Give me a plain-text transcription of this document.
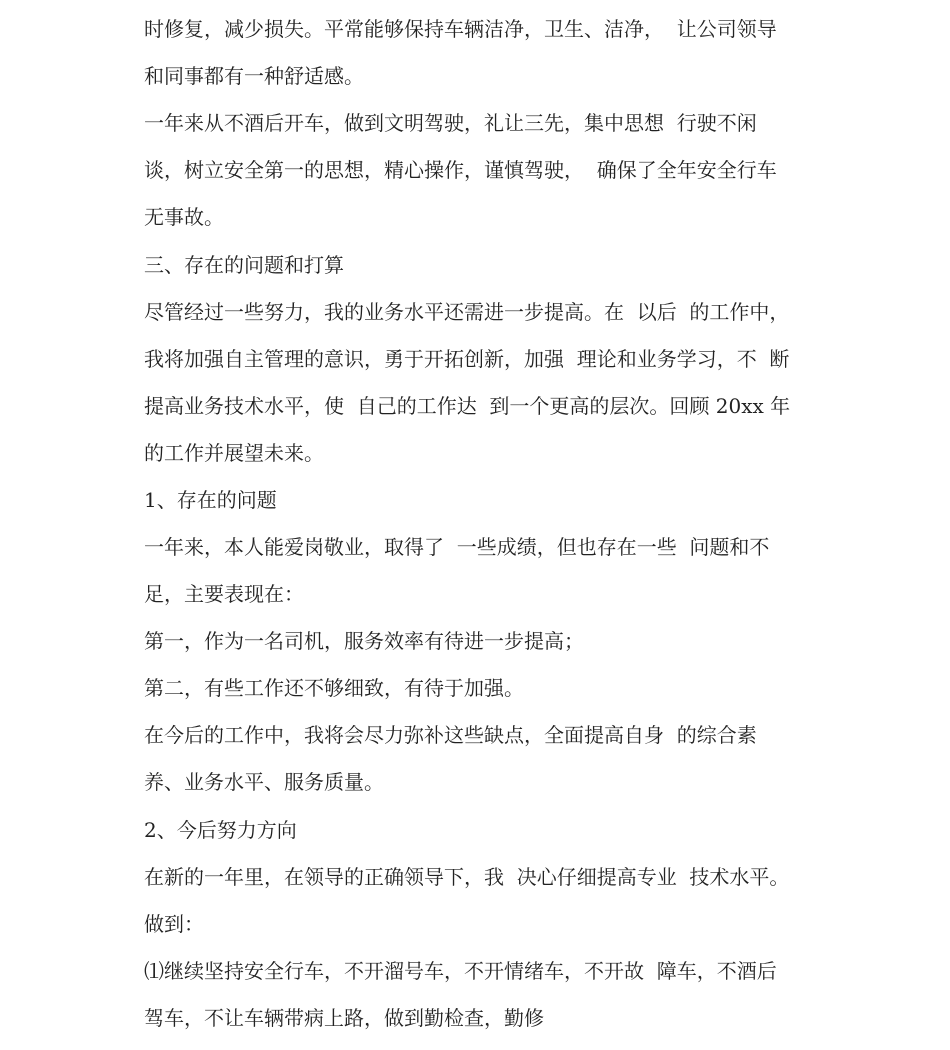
时修复，减少损失。平常能够保持车辆洁净，卫生、洁净，  让公司领导
和同事都有一种舒适感。
一年来从不酒后开车，做到文明驾驶，礼让三先，集中思想  行驶不闲
谈，树立安全第一的思想，精心操作，谨慎驾驶，  确保了全年安全行车
无事故。
三、存在的问题和打算
尽管经过一些努力，我的业务水平还需进一步提高。在  以后  的工作中，
我将加强自主管理的意识，勇于开拓创新，加强  理论和业务学习，不  断
提高业务技术水平，使  自己的工作达  到一个更高的层次。回顾 20xx 年
的工作并展望未来。
1、存在的问题
一年来，本人能爱岗敬业，取得了  一些成绩，但也存在一些  问题和不
足，主要表现在：
第一，作为一名司机，服务效率有待进一步提高；
第二，有些工作还不够细致，有待于加强。
在今后的工作中，我将会尽力弥补这些缺点，全面提高自身  的综合素
养、业务水平、服务质量。
2、今后努力方向
在新的一年里，在领导的正确领导下，我  决心仔细提高专业  技术水平。
做到：
⑴继续坚持安全行车，不开溜号车，不开情绪车，不开故  障车，不酒后
驾车，不让车辆带病上路，做到勤检查，勤修
